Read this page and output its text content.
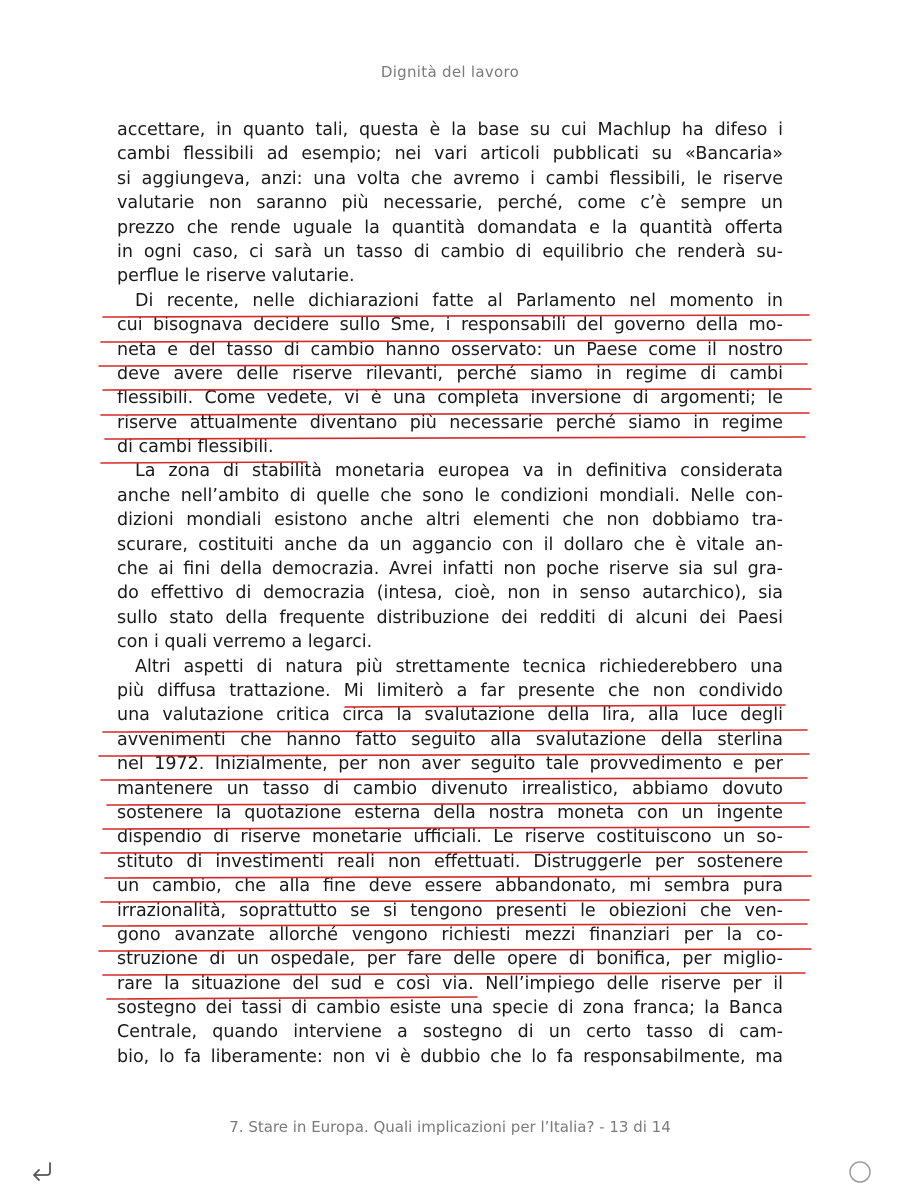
Dignità del lavoro
accettare, in quanto tali, questa è la base su cui Machlup ha difeso i
cambi flessibili ad esempio; nei vari articoli pubblicati su «Bancaria»
si aggiungeva, anzi: una volta che avremo i cambi flessibili, le riserve
valutarie non saranno più necessarie, perché, come c’è sempre un
prezzo che rende uguale la quantità domandata e la quantità offerta
in ogni caso, ci sarà un tasso di cambio di equilibrio che renderà su-
perflue le riserve valutarie.
Di recente, nelle dichiarazioni fatte al Parlamento nel momento in
cui bisognava decidere sullo Sme, i responsabili del governo della mo-
neta e del tasso di cambio hanno osservato: un Paese come il nostro
deve avere delle riserve rilevanti, perché siamo in regime di cambi
flessibili. Come vedete, vi è una completa inversione di argomenti; le
riserve attualmente diventano più necessarie perché siamo in regime
di cambi flessibili.
La zona di stabilità monetaria europea va in definitiva considerata
anche nell’ambito di quelle che sono le condizioni mondiali. Nelle con-
dizioni mondiali esistono anche altri elementi che non dobbiamo tra-
scurare, costituiti anche da un aggancio con il dollaro che è vitale an-
che ai fini della democrazia. Avrei infatti non poche riserve sia sul gra-
do effettivo di democrazia (intesa, cioè, non in senso autarchico), sia
sullo stato della frequente distribuzione dei redditi di alcuni dei Paesi
con i quali verremo a legarci.
Altri aspetti di natura più strettamente tecnica richiederebbero una
più diffusa trattazione. Mi limiterò a far presente che non condivido
una valutazione critica circa la svalutazione della lira, alla luce degli
avvenimenti che hanno fatto seguito alla svalutazione della sterlina
nel 1972. Inizialmente, per non aver seguito tale provvedimento e per
mantenere un tasso di cambio divenuto irrealistico, abbiamo dovuto
sostenere la quotazione esterna della nostra moneta con un ingente
dispendio di riserve monetarie ufficiali. Le riserve costituiscono un so-
stituto di investimenti reali non effettuati. Distruggerle per sostenere
un cambio, che alla fine deve essere abbandonato, mi sembra pura
irrazionalità, soprattutto se si tengono presenti le obiezioni che ven-
gono avanzate allorché vengono richiesti mezzi finanziari per la co-
struzione di un ospedale, per fare delle opere di bonifica, per miglio-
rare la situazione del sud e così via. Nell’impiego delle riserve per il
sostegno dei tassi di cambio esiste una specie di zona franca; la Banca
Centrale, quando interviene a sostegno di un certo tasso di cam-
bio, lo fa liberamente: non vi è dubbio che lo fa responsabilmente, ma
7. Stare in Europa. Quali implicazioni per l’Italia? - 13 di 14
